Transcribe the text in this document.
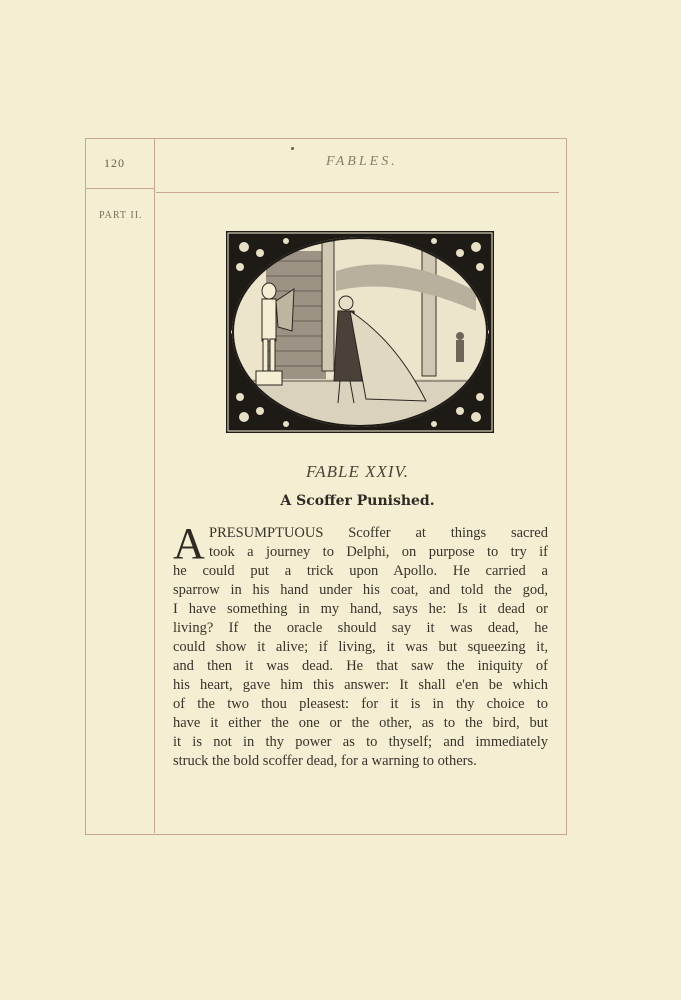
120	FABLES.
PART II.
FABLE XXIV.
A Scoffer Punished.
A PRESUMPTUOUS Scoffer at things sacred
took a journey to Delphi, on purpose to try if
he could put a trick upon Apollo. He carried a
sparrow in his hand under his coat, and told the god,
I have something in my hand, says he: Is it dead or
living? If the oracle should say it was dead, he
could show it alive; if living, it was but squeezing it,
and then it was dead. He that saw the iniquity of
his heart, gave him this answer: It shall e'en be which
of the two thou pleasest: for it is in thy choice to
have it either the one or the other, as to the bird, but
it is not in thy power as to thyself; and immediately
struck the bold scoffer dead, for a warning to others.
